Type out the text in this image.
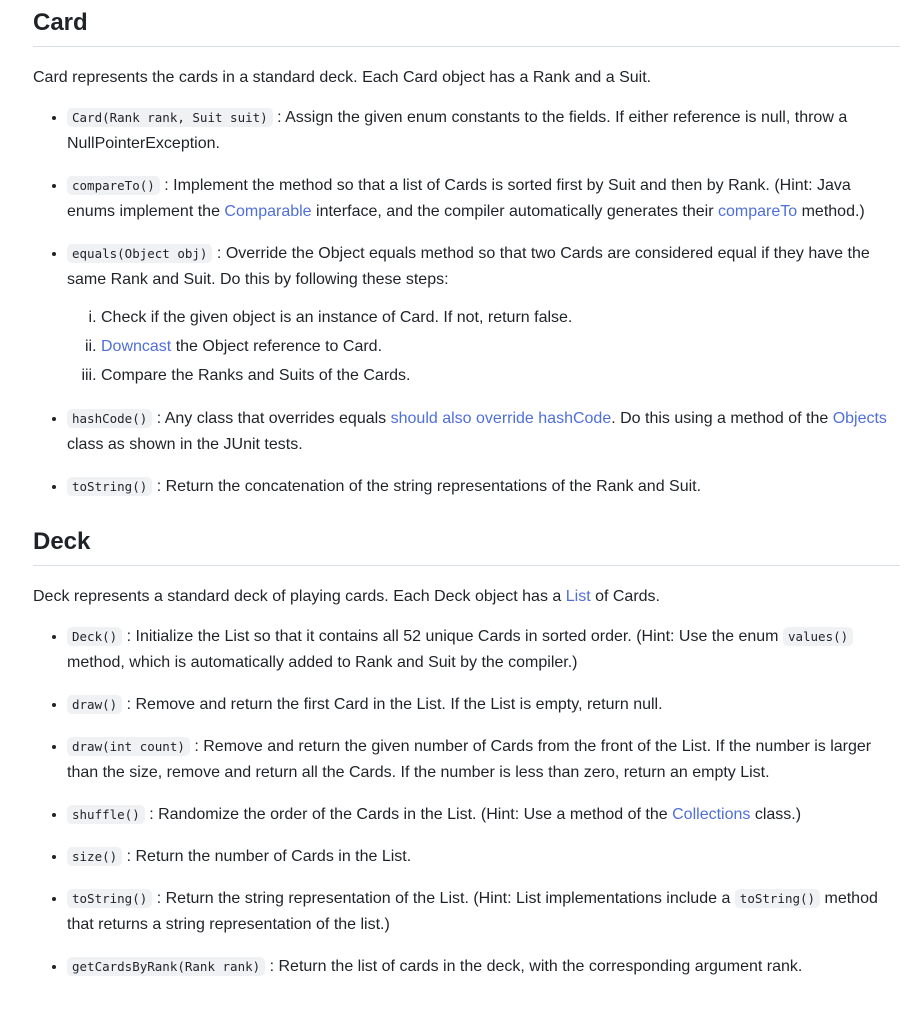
Card

Card represents the cards in a standard deck. Each Card object has a Rank and a Suit.

• Card(Rank rank, Suit suit) : Assign the given enum constants to the fields. If either reference is null, throw a NullPointerException.
• compareTo() : Implement the method so that a list of Cards is sorted first by Suit and then by Rank. (Hint: Java enums implement the Comparable interface, and the compiler automatically generates their compareTo method.)
• equals(Object obj) : Override the Object equals method so that two Cards are considered equal if they have the same Rank and Suit. Do this by following these steps:
i. Check if the given object is an instance of Card. If not, return false.
ii. Downcast the Object reference to Card.
iii. Compare the Ranks and Suits of the Cards.
• hashCode() : Any class that overrides equals should also override hashCode. Do this using a method of the Objects class as shown in the JUnit tests.
• toString() : Return the concatenation of the string representations of the Rank and Suit.
Deck

Deck represents a standard deck of playing cards. Each Deck object has a List of Cards.

• Deck() : Initialize the List so that it contains all 52 unique Cards in sorted order. (Hint: Use the enum values() method, which is automatically added to Rank and Suit by the compiler.)
• draw() : Remove and return the first Card in the List. If the List is empty, return null.
• draw(int count) : Remove and return the given number of Cards from the front of the List. If the number is larger than the size, remove and return all the Cards. If the number is less than zero, return an empty List.
• shuffle() : Randomize the order of the Cards in the List. (Hint: Use a method of the Collections class.)
• size() : Return the number of Cards in the List.
• toString() : Return the string representation of the List. (Hint: List implementations include a toString() method that returns a string representation of the list.)
• getCardsByRank(Rank rank) : Return the list of cards in the deck, with the corresponding argument rank.
